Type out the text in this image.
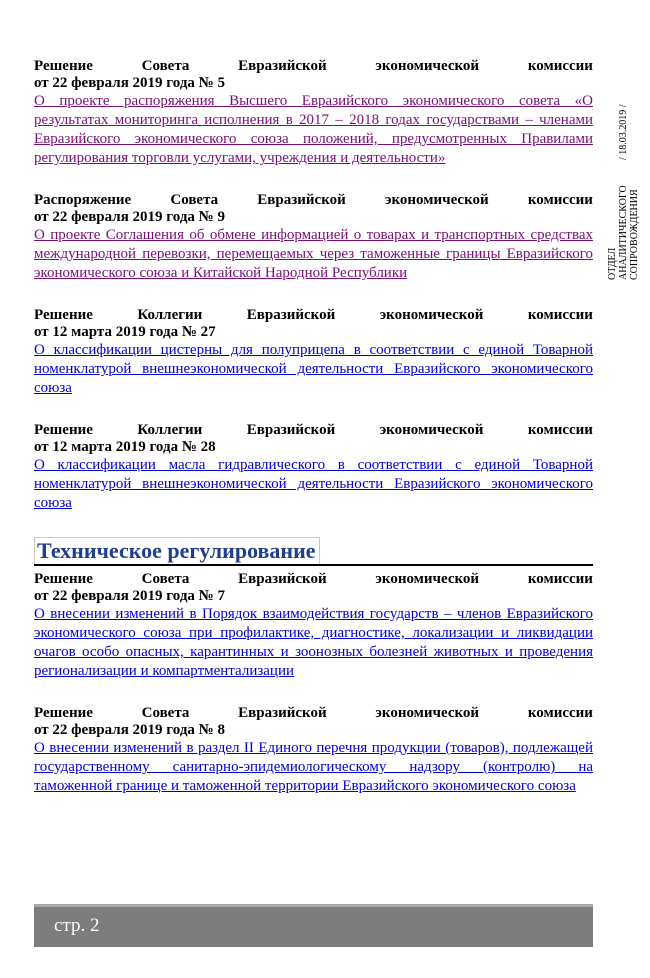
/ 18.03.2019 /
ОТДЕЛ АНАЛИТИЧЕСКОГО СОПРОВОЖДЕНИЯ
Решение	Совета	Евразийской	экономической	комиссии
от 22 февраля 2019 года № 5
О проекте распоряжения Высшего Евразийского экономического совета «О результатах мониторинга исполнения в 2017 – 2018 годах государствами – членами Евразийского экономического союза положений, предусмотренных Правилами регулирования торговли услугами, учреждения и деятельности»
Распоряжение	Совета	Евразийской	экономической	комиссии
от 22 февраля 2019 года № 9
О проекте Соглашения об обмене информацией о товарах и транспортных средствах международной перевозки, перемещаемых через таможенные границы Евразийского экономического союза и Китайской Народной Республики
Решение	Коллегии	Евразийской	экономической	комиссии
от 12 марта 2019 года № 27
О классификации цистерны для полуприцепа в соответствии с единой Товарной номенклатурой внешнеэкономической деятельности Евразийского экономического союза
Решение	Коллегии	Евразийской	экономической	комиссии
от 12 марта 2019 года № 28
О классификации масла гидравлического в соответствии с единой Товарной номенклатурой внешнеэкономической деятельности Евразийского экономического союза
Техническое регулирование
Решение	Совета	Евразийской	экономической	комиссии
от 22 февраля 2019 года № 7
О внесении изменений в Порядок взаимодействия государств – членов Евразийского экономического союза при профилактике, диагностике, локализации и ликвидации очагов особо опасных, карантинных и зоонозных болезней животных и проведения регионализации и компартментализации
Решение	Совета	Евразийской	экономической	комиссии
от 22 февраля 2019 года № 8
О внесении изменений в раздел II Единого перечня продукции (товаров), подлежащей государственному санитарно-эпидемиологическому надзору (контролю) на таможенной границе и таможенной территории Евразийского экономического союза
стр. 2
